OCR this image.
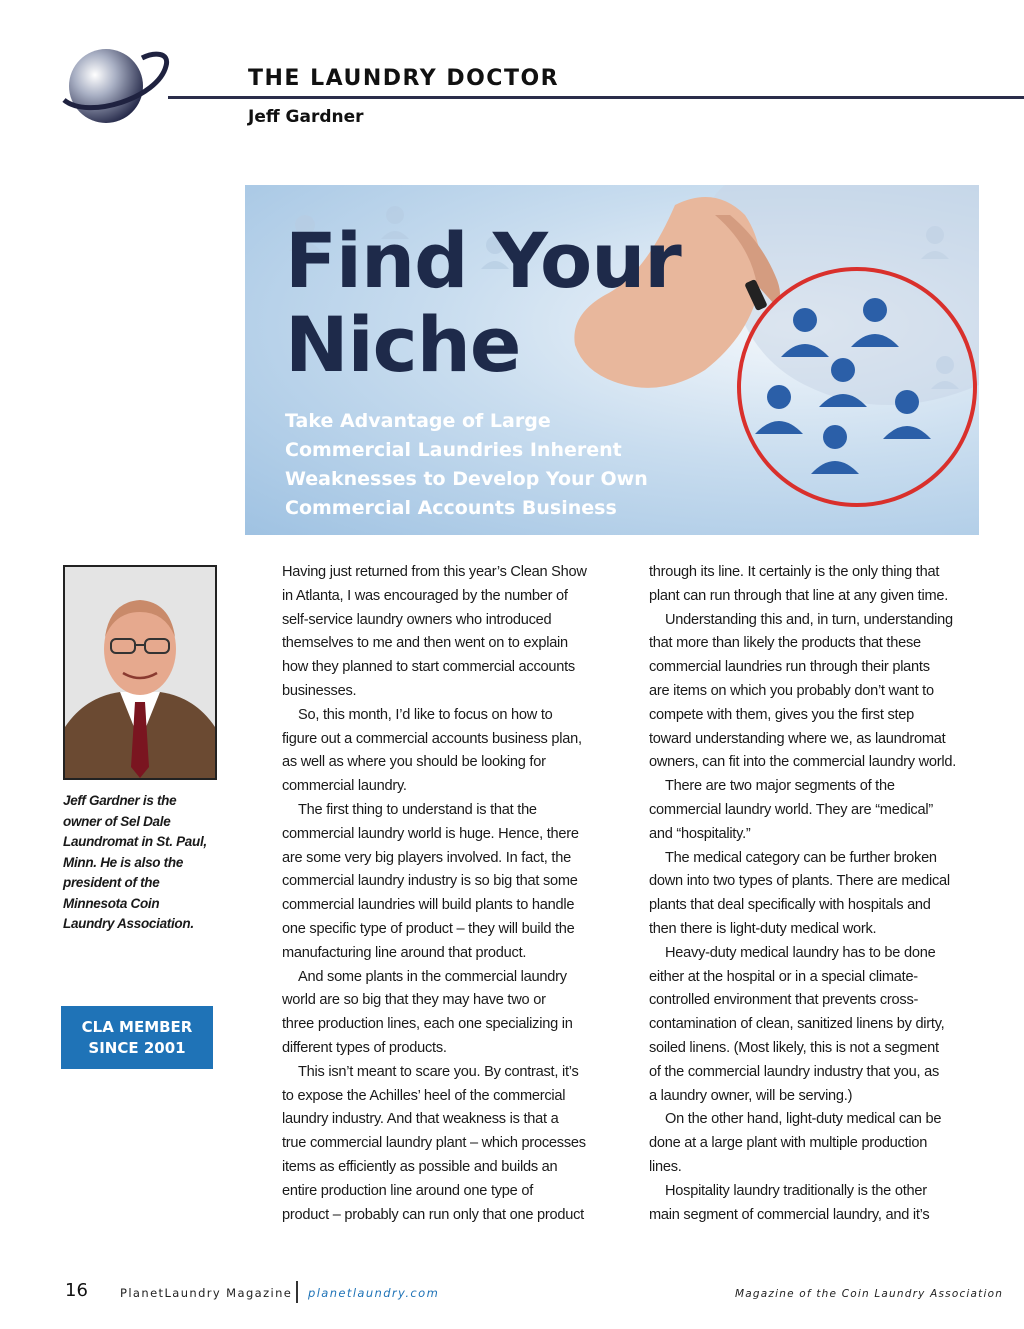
THE LAUNDRY DOCTOR
Jeff Gardner
Find Your
Niche
Take Advantage of Large
Commercial Laundries Inherent
Weaknesses to Develop Your Own
Commercial Accounts Business
Jeff Gardner is the
owner of Sel Dale
Laundromat in St. Paul,
Minn. He is also the
president of the
Minnesota Coin
Laundry Association.
CLA MEMBER
SINCE 2001
Having just returned from this year’s Clean Show
in Atlanta, I was encouraged by the number of
self-service laundry owners who introduced
themselves to me and then went on to explain
how they planned to start commercial accounts
businesses.
So, this month, I’d like to focus on how to
figure out a commercial accounts business plan,
as well as where you should be looking for
commercial laundry.
The first thing to understand is that the
commercial laundry world is huge. Hence, there
are some very big players involved. In fact, the
commercial laundry industry is so big that some
commercial laundries will build plants to handle
one specific type of product – they will build the
manufacturing line around that product.
And some plants in the commercial laundry
world are so big that they may have two or
three production lines, each one specializing in
different types of products.
This isn’t meant to scare you. By contrast, it’s
to expose the Achilles’ heel of the commercial
laundry industry. And that weakness is that a
true commercial laundry plant – which processes
items as efficiently as possible and builds an
entire production line around one type of
product – probably can run only that one product
through its line. It certainly is the only thing that
plant can run through that line at any given time.
Understanding this and, in turn, understanding
that more than likely the products that these
commercial laundries run through their plants
are items on which you probably don’t want to
compete with them, gives you the first step
toward understanding where we, as laundromat
owners, can fit into the commercial laundry world.
There are two major segments of the
commercial laundry world. They are “medical”
and “hospitality.”
The medical category can be further broken
down into two types of plants. There are medical
plants that deal specifically with hospitals and
then there is light-duty medical work.
Heavy-duty medical laundry has to be done
either at the hospital or in a special climate-
controlled environment that prevents cross-
contamination of clean, sanitized linens by dirty,
soiled linens. (Most likely, this is not a segment
of the commercial laundry industry that you, as
a laundry owner, will be serving.)
On the other hand, light-duty medical can be
done at a large plant with multiple production
lines.
Hospitality laundry traditionally is the other
main segment of commercial laundry, and it’s
16	PlanetLaundry Magazine planetlaundry.com	Magazine of the Coin Laundry Association
